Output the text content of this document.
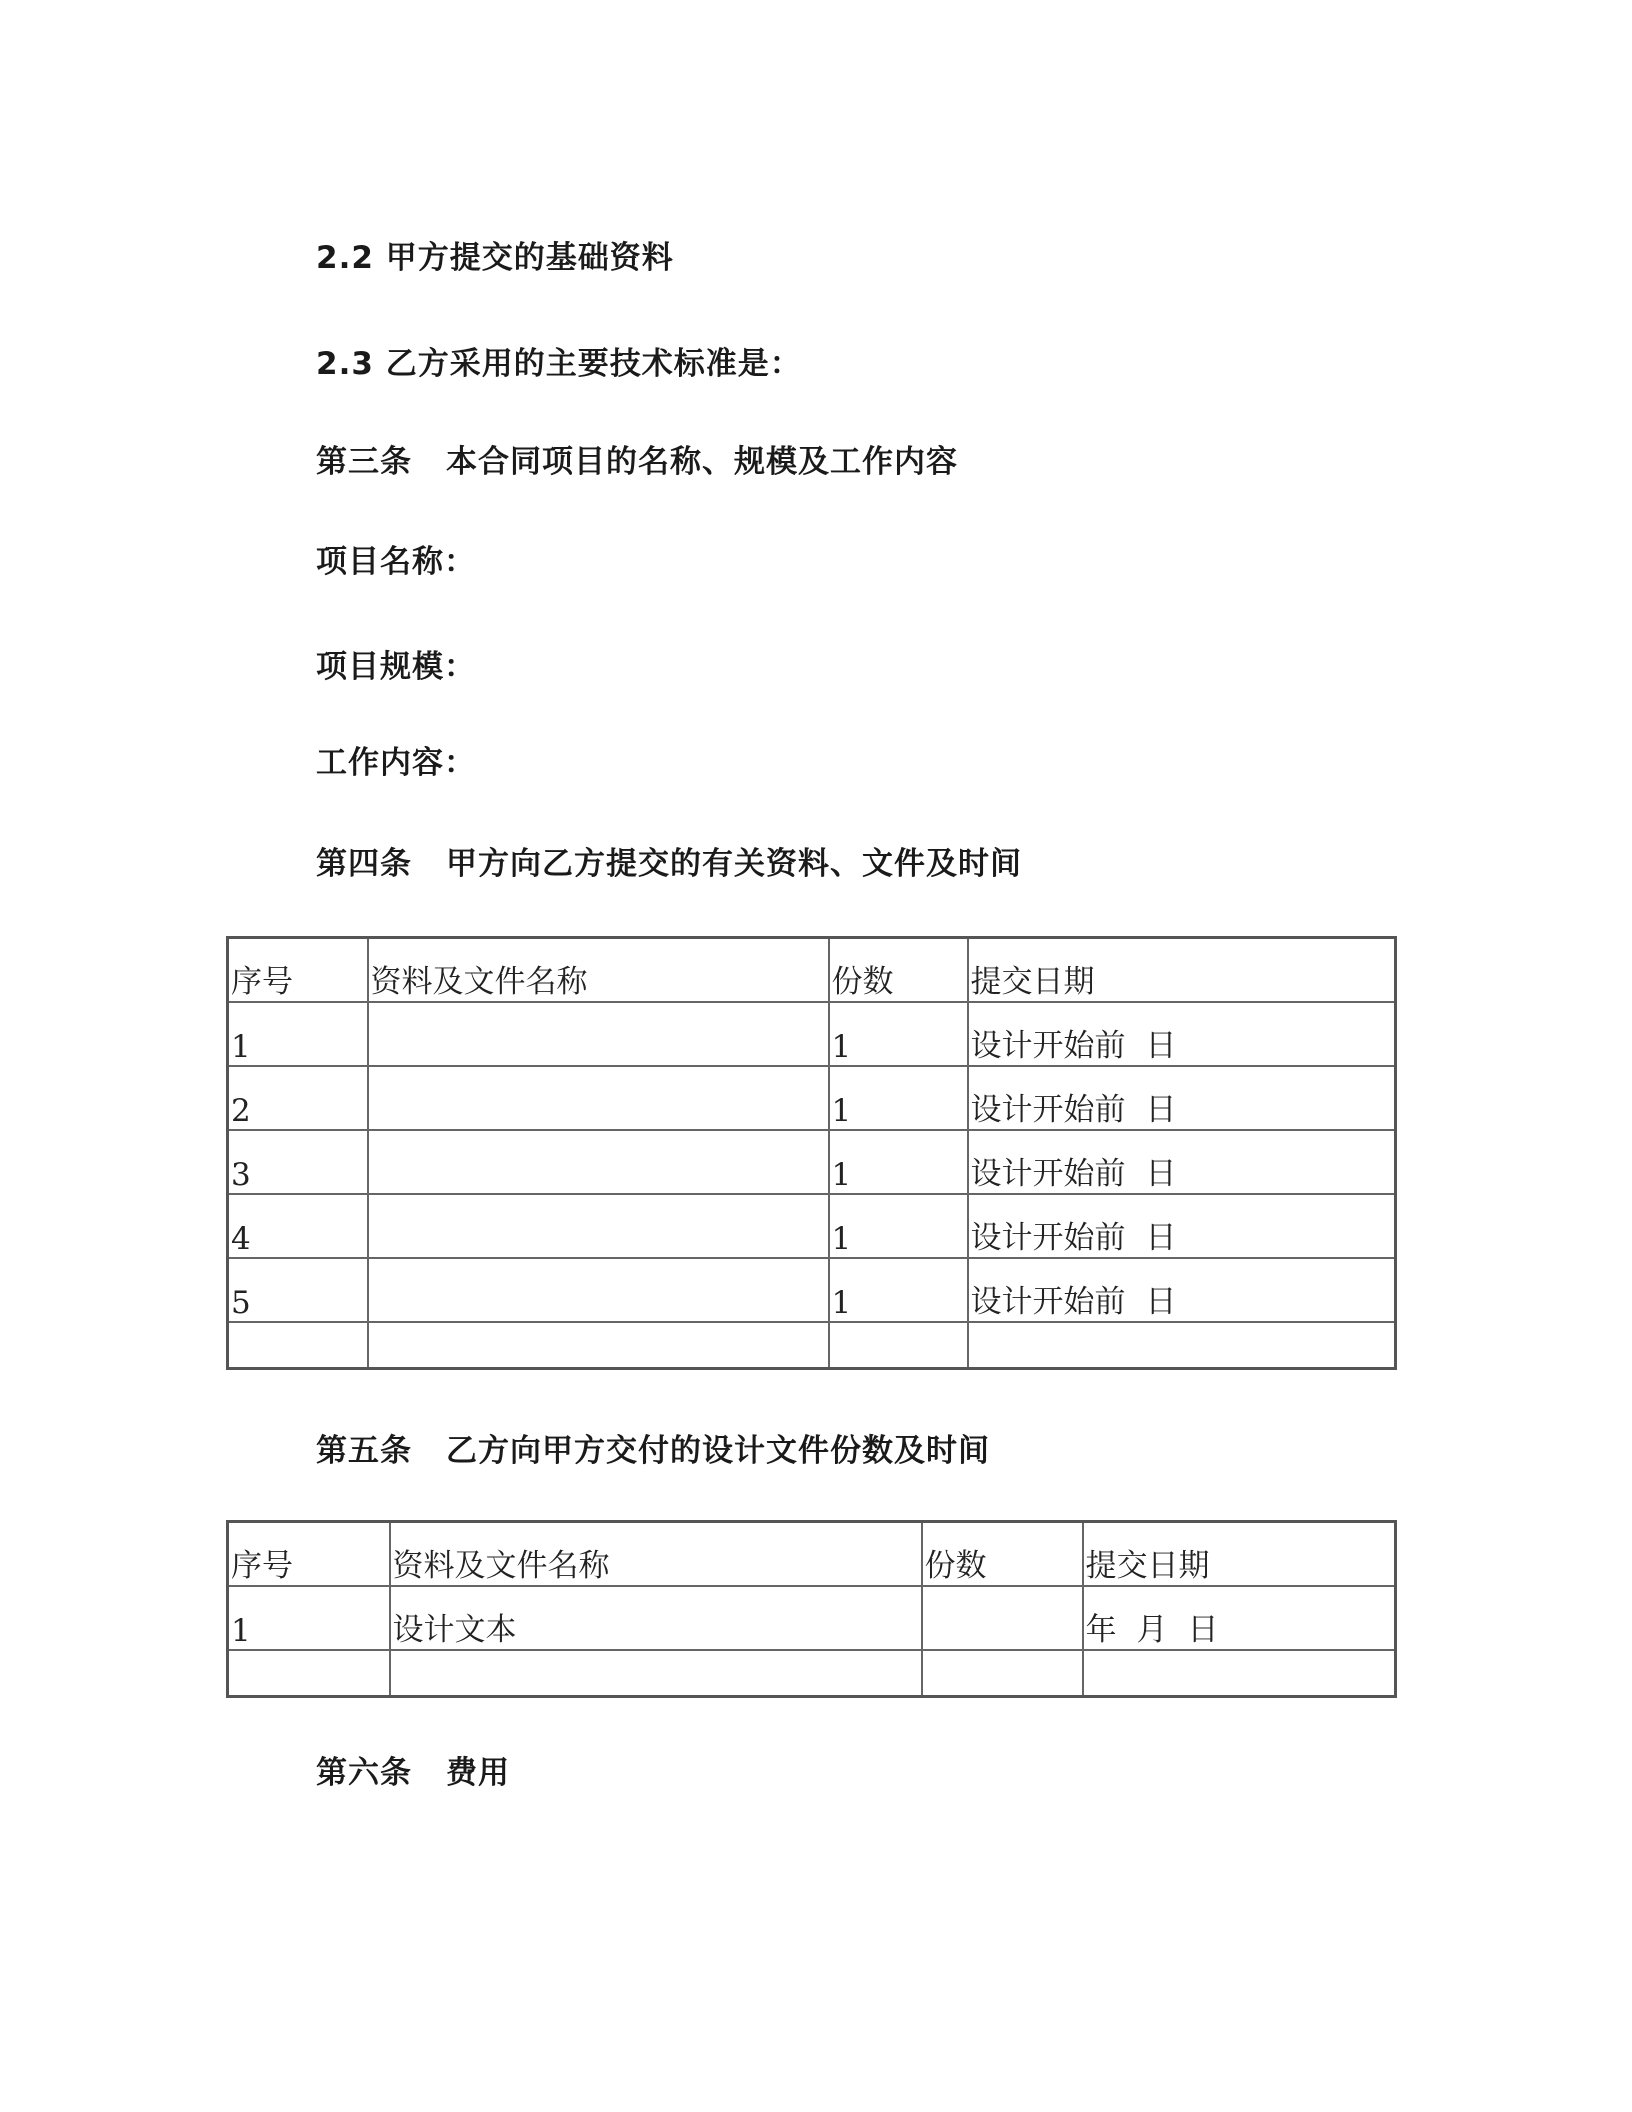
2.2 甲方提交的基础资料
2.3 乙方采用的主要技术标准是：
第三条 本合同项目的名称、规模及工作内容
项目名称：
项目规模：
工作内容：
第四条 甲方向乙方提交的有关资料、文件及时间
序号	资料及文件名称	份数	提交日期
1		1	设计开始前 日
2		1	设计开始前 日
3		1	设计开始前 日
4		1	设计开始前 日
5		1	设计开始前 日

第五条 乙方向甲方交付的设计文件份数及时间
序号	资料及文件名称	份数	提交日期
1	设计文本		年 月 日

第六条 费用
